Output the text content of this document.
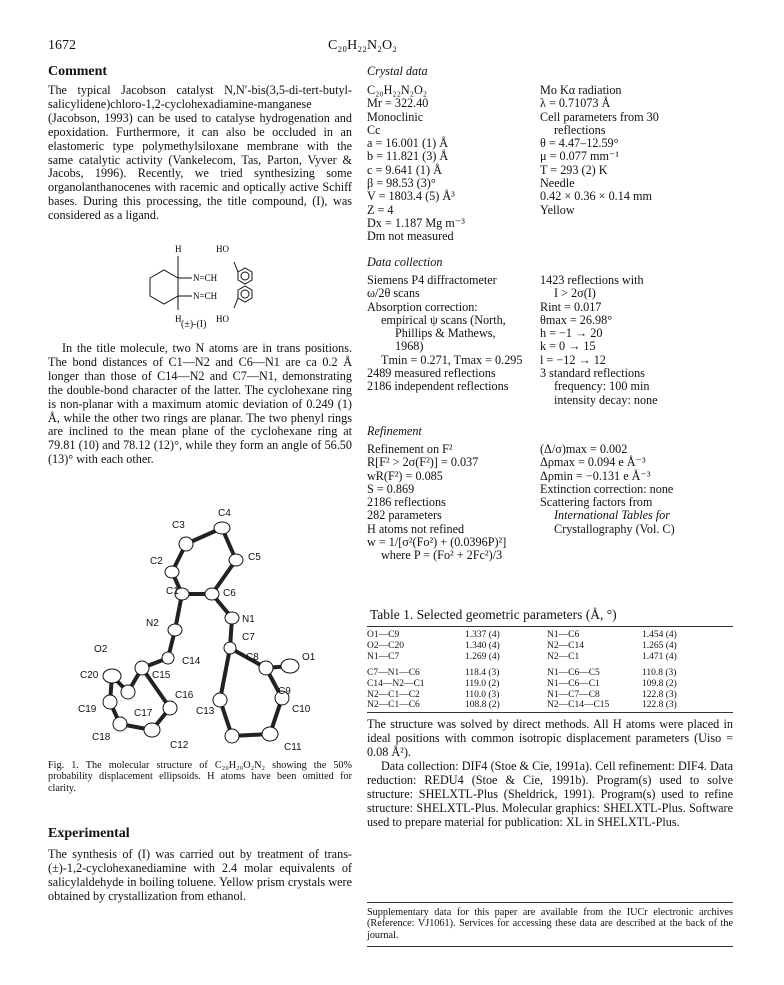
1672	C₂₀H₂₂N₂O₂
Comment
The typical Jacobson catalyst N,N′-bis(3,5-di-tert-butyl-salicylidene)chloro-1,2-cyclohexadiamine-manganese (Jacobson, 1993) can be used to catalyse hydrogenation and epoxidation. Furthermore, it can also be occluded in an elastomeric type polymethylsiloxane membrane with the same catalytic activity (Vankelecom, Tas, Parton, Vyver & Jacobs, 1996). Recently, we tried synthesizing some organolanthanocenes with racemic and optically active Schiff bases. During this processing, the title compound, (I), was considered as a ligand.
H	HO
N=CH
N=CH
H	HO
(±)-(I)
In the title molecule, two N atoms are in trans positions. The bond distances of C1—N2 and C6—N1 are ca 0.2 Å longer than those of C14—N2 and C7—N1, demonstrating the double-bond character of the latter. The cyclohexane ring is non-planar with a maximum atomic deviation of 0.249 (1) Å, while the other two rings are planar. The two phenyl rings are inclined to the mean plane of the cyclohexane ring at 79.81 (10) and 78.12 (12)°, while they form an angle of 56.50 (13)° with each other.
C4
C3
C5
C2
C1	C6
N2	N1
O2
C7
C14	C8	O1
C15
C20
C9
C16
C13	C10
C19	C17
C18
C12	C11
Fig. 1. The molecular structure of C₂₀H₂₀O₂N₂ showing the 50% probability displacement ellipsoids. H atoms have been omitted for clarity.
Experimental
The synthesis of (I) was carried out by treatment of trans-(±)-1,2-cyclohexanediamine with 2.4 molar equivalents of salicylaldehyde in boiling toluene. Yellow prism crystals were obtained by crystallization from ethanol.
Crystal data
C₂₀H₂₂N₂O₂
Mr = 322.40
Monoclinic
Cc
a = 16.001 (1) Å
b = 11.821 (3) Å
c = 9.641 (1) Å
β = 98.53 (3)°
V = 1803.4 (5) Å³
Z = 4
Dx = 1.187 Mg m⁻³
Dm not measured
Mo Kα radiation
λ = 0.71073 Å
Cell parameters from 30
reflections
θ = 4.47–12.59°
μ = 0.077 mm⁻¹
T = 293 (2) K
Needle
0.42 × 0.36 × 0.14 mm
Yellow
Data collection
Siemens P4 diffractometer
ω/2θ scans
Absorption correction:
empirical ψ scans (North,
Phillips & Mathews,
1968)
Tmin = 0.271, Tmax = 0.295
2489 measured reflections
2186 independent reflections
1423 reflections with
I > 2σ(I)
Rint = 0.017
θmax = 26.98°
h = −1 → 20
k = 0 → 15
l = −12 → 12
3 standard reflections
frequency: 100 min
intensity decay: none
Refinement
Refinement on F²
R[F² > 2σ(F²)] = 0.037
wR(F²) = 0.085
S = 0.869
2186 reflections
282 parameters
H atoms not refined
w = 1/[σ²(Fo²) + (0.0396P)²]
where P = (Fo² + 2Fc²)/3
(Δ/σ)max = 0.002
Δρmax = 0.094 e Å⁻³
Δρmin = −0.131 e Å⁻³
Extinction correction: none
Scattering factors from
International Tables for
Crystallography (Vol. C)
Table 1. Selected geometric parameters (Å, °)
O1—C9	1.337 (4)	N1—C6	1.454 (4)
O2—C20	1.340 (4)	N2—C14	1.265 (4)
N1—C7	1.269 (4)	N2—C1	1.471 (4)
C7—N1—C6	118.4 (3)	N1—C6—C5	110.8 (3)
C14—N2—C1	119.0 (2)	N1—C6—C1	109.8 (2)
N2—C1—C2	110.0 (3)	N1—C7—C8	122.8 (3)
N2—C1—C6	108.8 (2)	N2—C14—C15	122.8 (3)
The structure was solved by direct methods. All H atoms were placed in ideal positions with common isotropic displacement parameters (Uiso = 0.08 Å²).
Data collection: DIF4 (Stoe & Cie, 1991a). Cell refinement: DIF4. Data reduction: REDU4 (Stoe & Cie, 1991b). Program(s) used to solve structure: SHELXTL-Plus (Sheldrick, 1991). Program(s) used to refine structure: SHELXTL-Plus. Molecular graphics: SHELXTL-Plus. Software used to prepare material for publication: XL in SHELXTL-Plus.
Supplementary data for this paper are available from the IUCr electronic archives (Reference: VJ1061). Services for accessing these data are described at the back of the journal.
